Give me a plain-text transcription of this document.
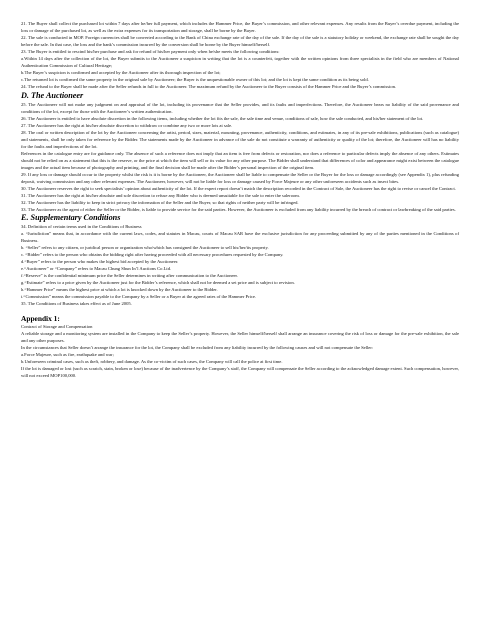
21. The Buyer shall collect the purchased lot within 7 days after he/her full payment, which includes the Hammer Price, the Buyer’s commission, and other relevant expenses. Any results from the Buyer’s overdue payment, including the loss or damage of the purchased lot, as well as the extra expenses for its transportation and storage, shall be borne by the Buyer.

22. The sale is conducted in MOP. Foreign currencies shall be converted according to the Bank of China exchange rate of the day of the sale. If the day of the sale is a statutory holiday or weekend, the exchange rate shall be sought the day before the sale. In that case, the loss and the bank’s commission incurred by the conversion shall be borne by the Buyer himself/herself.

23. The Buyer is entitled to rescind his/her purchase and ask for refund of his/her payment only when he/she meets the following conditions:

a.Within 14 days after the collection of the lot, the Buyer submits to the Auctioneer a suspicion in writing that the lot is a counterfeit, together with the written opinions from three specialists in the field who are members of National Authentication Commission of Cultural Heritage;

b.The Buyer’s suspicion is confirmed and accepted by the Auctioneer after its thorough inspection of the lot;

c.The returned lot is confirmed the same property in the original sale by Auctioneer; the Buyer is the unquestionable owner of this lot; and the lot is kept the same condition as its being sold.

24. The refund to the Buyer shall be made after the Seller refunds in full to the Auctioneer. The maximum refund by the Auctioneer to the Buyer consists of the Hammer Price and the Buyer’s commission.

D. The Auctioneer

25. The Auctioneer will not make any judgment on and appraisal of the lot, including its provenance that the Seller provides, and its faults and imperfections. Therefore, the Auctioneer bears no liability of the said provenance and conditions of the lot, except for those with the Auctioneer’s written authentication.

26. The Auctioneer is entitled to have absolute discretion in the following items, including whether the lot fits the sale, the sale time and venue, conditions of sale, how the sale conducted, and his/her statement of the lot.

27. The Auctioneer has the right at his/her absolute discretion to withdraw or combine any two or more lots at sale.

28. The oral or written description of the lot by the Auctioneer concerning the artist, period, sizes, material, mounting, provenance, authenticity, conditions, and estimates, in any of its pre-sale exhibitions, publications (such as catalogue) and statements, shall be only taken for reference by the Bidder. The statements made by the Auctioneer in advance of the sale do not constitute a warranty of authenticity or quality of the lot; therefore, the Auctioneer will has no liability for the faults and imperfections of the lot.

References in the catalogue entry are for guidance only. The absence of such a reference does not imply that an item is free from defects or restoration, nor does a reference to particular defects imply the absence of any others. Estimates should not be relied on as a statement that this is the reserve, or the price at which the item will sell or its value for any other purpose. The Bidder shall understand that differences of color and appearance might exist between the catalogue images and the actual item because of photography and printing, and the final decision shall be made after the Bidder’s personal inspection of the original item.

29. If any loss or damage should occur to the property whilst the risk is it is borne by the Auctioneer, the Auctioneer shall be liable to compensate the Seller or the Buyer for the loss or damage accordingly (see Appendix 1), plus refunding deposit, waiving commission and any other relevant expenses. The Auctioneer, however, will not be liable for loss or damage caused by Force Majeure or any other unforeseen accidents such as insect bites.

30. The Auctioneer reserves the right to seek specialists’ opinion about authenticity of the lot. If the expert report doesn’t match the description recorded in the Contract of Sale, the Auctioneer has the right to revise or cancel the Contract.

31. The Auctioneer has the right at his/her absolute and sole discretion to refuse any Bidder who is deemed unsuitable for the sale to enter the saleroom.

32. The Auctioneer has the liability to keep in strict privacy the information of the Seller and the Buyer, so that rights of neither party will be infringed.

33. The Auctioneer as the agent of either the Seller or the Bidder, is liable to provide service for the said parties. However, the Auctioneer is excluded from any liability incurred by the breach of contract or lawbreaking of the said parties.

E. Supplementary Conditions

34. Definition of certain terms used in the Conditions of Business

a. “Jurisdiction” means that, in accordance with the current laws, codes, and statutes in Macau, courts of Macau SAR have the exclusive jurisdiction for any proceeding submitted by any of the parties mentioned in the Conditions of Business.

b. “Seller” refers to any citizen, or juridical person or organization who/which has consigned the Auctioneer to sell his/her/its property.

c. “Bidder” refers to the person who obtains the bidding right after having proceeded with all necessary procedures requested by the Company.

d.“Buyer” refers to the person who makes the highest bid accepted by the Auctioneer.

e.“Auctioneer” or “Company” refers to Macau Chung Shun In’l Auctions Co.Ltd.

f.“Reserve” is the confidential minimum price the Seller determines in writing after communication to the Auctioneer.

g.“Estimate” refers to a price given by the Auctioneer just for the Bidder’s reference, which shall not be deemed a set price and is subject to revision.

h.“Hammer Price” means the highest price at which a lot is knocked down by the Auctioneer to the Bidder.

i.“Commission” means the commission payable to the Company by a Seller or a Buyer at the agreed rates of the Hammer Price.

35. The Conditions of Business takes effect as of June 2005.

Appendix 1:

Contract of Storage and Compensation

A reliable storage and a monitoring system are installed in the Company to keep the Seller’s property. However, the Seller himself/herself shall arrange an insurance covering the risk of loss or damage for the pre-sale exhibition, the sale and any other purposes.

In the circumstances that Seller doesn’t arrange the insurance for the lot, the Company shall be excluded from any liability incurred by the following causes and will not compensate the Seller:

a.Force Majeure, such as fire, earthquake and war;

b.Unforeseen criminal cases, such as theft, robbery, and damage. As the co-victim of such cases, the Company will call the police at first time.

If the lot is damaged or lost (such as scratch, stain, broken or lose) because of the inadvertence by the Company’s staff, the Company will compensate the Seller according to the acknowledged damage extent. Such compensation, however, will not exceed MOP100,000.
